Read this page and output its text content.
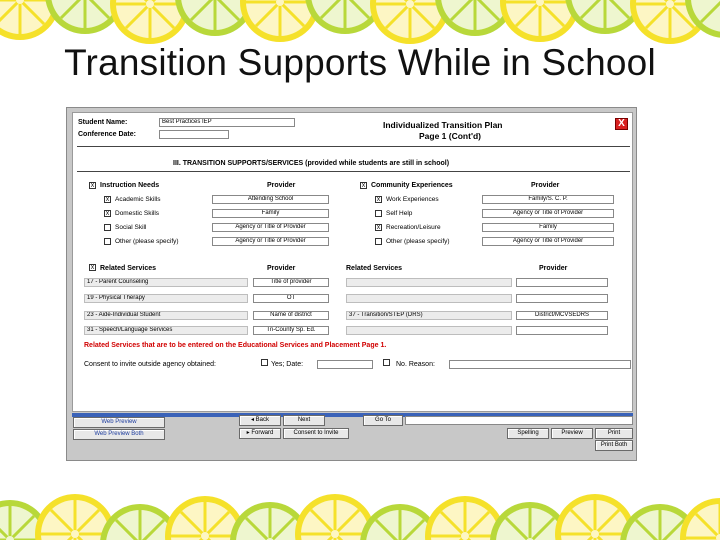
Transition Supports While in School
Student Name:	Best Practices IEP
Conference Date:
Individualized Transition Plan
Page 1 (Cont'd)
X
III. TRANSITION SUPPORTS/SERVICES (provided while students are still in school)
x Instruction Needs	Provider
x Academic Skills	Attending School
x Domestic Skills	Family
Social Skill	Agency or Title of Provider
Other (please specify)	Agency or Title of Provider
x Community Experiences	Provider
x Work Experiences	Family/S. C. P.
Self Help	Agency or Title of Provider
x Recreation/Leisure	Family
Other (please specify)	Agency or Title of Provider
x Related Services	Provider	Related Services	Provider
17 - Parent Counseling	Title of provider
19 - Physical Therapy	OT
23 - Aide-Individual Student	Name of district	37 - Transition/STEP (DRS)	District/MCVSEDRS
31 - Speech/Language Services	Tri-County Sp. Ed.
Related Services that are to be entered on the Educational Services and Placement Page 1.
Consent to invite outside agency obtained:	Yes; Date:	No. Reason:
Web Preview
Web Preview Both
◂ Back	Next
▸ Forward	Consent to Invite
Go To
Spelling	Preview	Print
Print Both
